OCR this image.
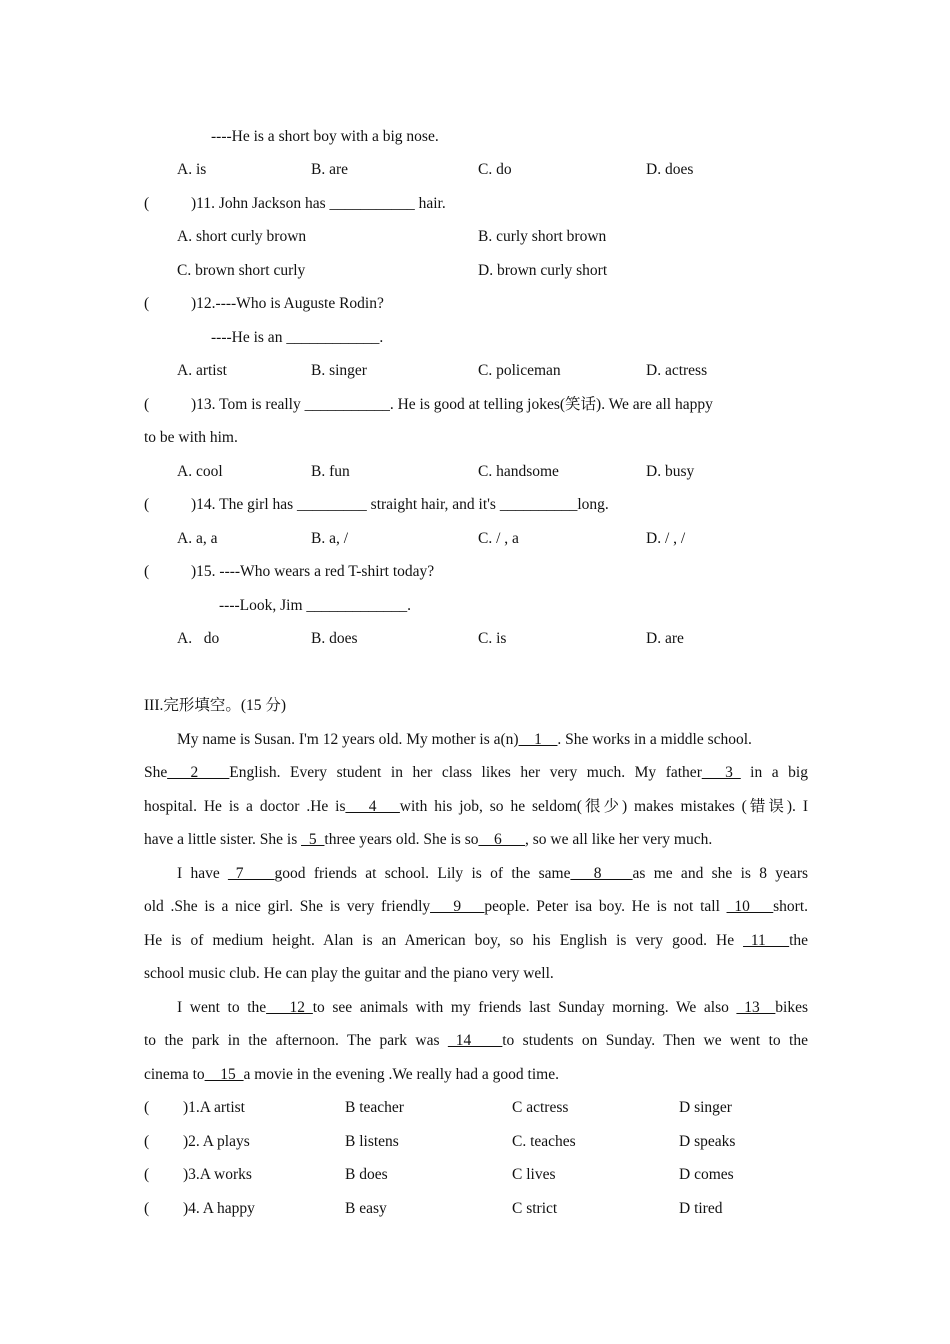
----He is a short boy with a big nose.
A. is	B. are	C. do	D. does
(	)11. John Jackson has ___________ hair.
A. short curly brown	B. curly short brown
C. brown short curly	D. brown curly short
(	)12.----Who is Auguste Rodin?
----He is an ____________.
A. artist	B. singer	C. policeman	D. actress
(	)13. Tom is really ___________. He is good at telling jokes(笑话). We are all happy
to be with him.
A. cool	B. fun	C. handsome	D. busy
(	)14. The girl has _________ straight hair, and it's __________long.
A. a, a	B. a, /	C. / , a	D. / , /
(	)15. ----Who wears a red T-shirt today?
----Look, Jim _____________.
A.   do	B. does	C. is	D. are
III.完形填空。(15 分)
My name is Susan. I'm 12 years old. My mother is a(n)__1__. She works in a middle school.
She___2____English. Every student in her class likes her very much. My father___3_ in a big
hospital. He is a doctor .He is___4___with his job, so he seldom(很少) makes mistakes (错误). I
have a little sister. She is _5_three years old. She is so__6___, so we all like her very much.
I have _7____good friends at school. Lily is of the same___8____as me and she is 8 years
old .She is a nice girl. She is very friendly___9___people. Peter isa boy. He is not tall _10___short.
He is of medium height. Alan is an American boy, so his English is very good. He _11___the
school music club. He can play the guitar and the piano very well.
I went to the___12_to see animals with my friends last Sunday morning. We also _13__bikes
to the park in the afternoon. The park was _14____to students on Sunday. Then we went to the
cinema to__15_a movie in the evening .We really had a good time.
( )1.A artist	B teacher	C actress	D singer
( )2. A plays	B listens	C. teaches	D speaks
( )3.A works	B does	C lives	D comes
( )4. A happy	B easy	C strict	D tired
